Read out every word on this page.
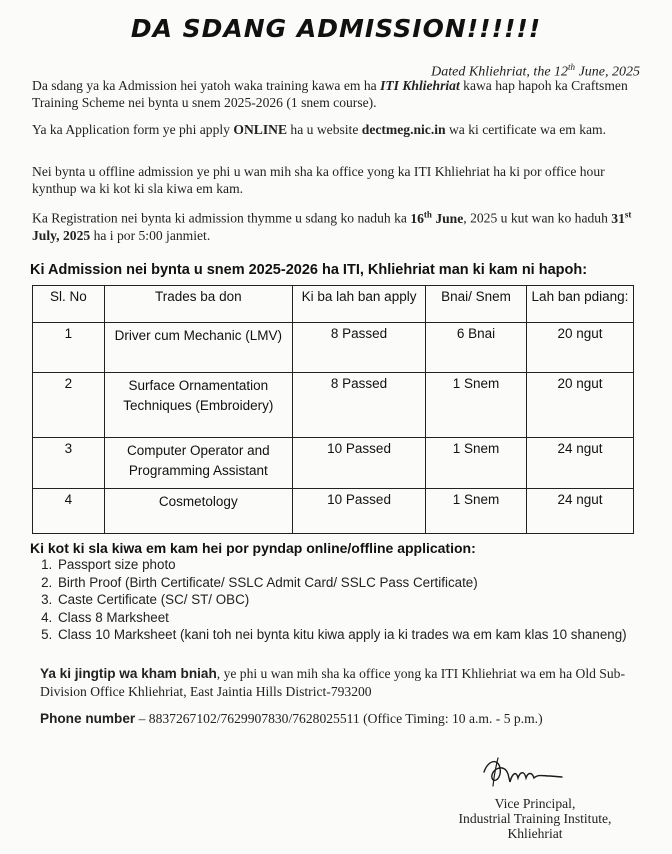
DA SDANG ADMISSION!!!!!!
Dated Khliehriat, the 12th June, 2025
Da sdang ya ka Admission hei yatoh waka training kawa em ha ITI Khliehriat kawa hap hapoh ka Craftsmen Training Scheme nei bynta u snem 2025-2026 (1 snem course).
Ya ka Application form ye phi apply ONLINE ha u website dectmeg.nic.in wa ki certificate wa em kam.
Nei bynta u offline admission ye phi u wan mih sha ka office yong ka ITI Khliehriat ha ki por office hour kynthup wa ki kot ki sla kiwa em kam.
Ka Registration nei bynta ki admission thymme u sdang ko naduh ka 16th June, 2025 u kut wan ko haduh 31st July, 2025 ha i por 5:00 janmiet.
Ki Admission nei bynta u snem 2025-2026 ha ITI, Khliehriat man ki kam ni hapoh:
Sl. No	Trades ba don	Ki ba lah ban apply	Bnai/ Snem	Lah ban pdiang:
1	Driver cum Mechanic (LMV)	8 Passed	6 Bnai	20 ngut
2	Surface Ornamentation Techniques (Embroidery)	8 Passed	1 Snem	20 ngut
3	Computer Operator and Programming Assistant	10 Passed	1 Snem	24 ngut
4	Cosmetology	10 Passed	1 Snem	24 ngut
Ki kot ki sla kiwa em kam hei por pyndap online/offline application:
1. Passport size photo
2. Birth Proof (Birth Certificate/ SSLC Admit Card/ SSLC Pass Certificate)
3. Caste Certificate (SC/ ST/ OBC)
4. Class 8 Marksheet
5. Class 10 Marksheet (kani toh nei bynta kitu kiwa apply ia ki trades wa em kam klas 10 shaneng)
Ya ki jingtip wa kham bniah, ye phi u wan mih sha ka office yong ka ITI Khliehriat wa em ha Old Sub-Division Office Khliehriat, East Jaintia Hills District-793200
Phone number – 8837267102/7629907830/7628025511 (Office Timing: 10 a.m. - 5 p.m.)
Vice Principal,
Industrial Training Institute,
Khliehriat
